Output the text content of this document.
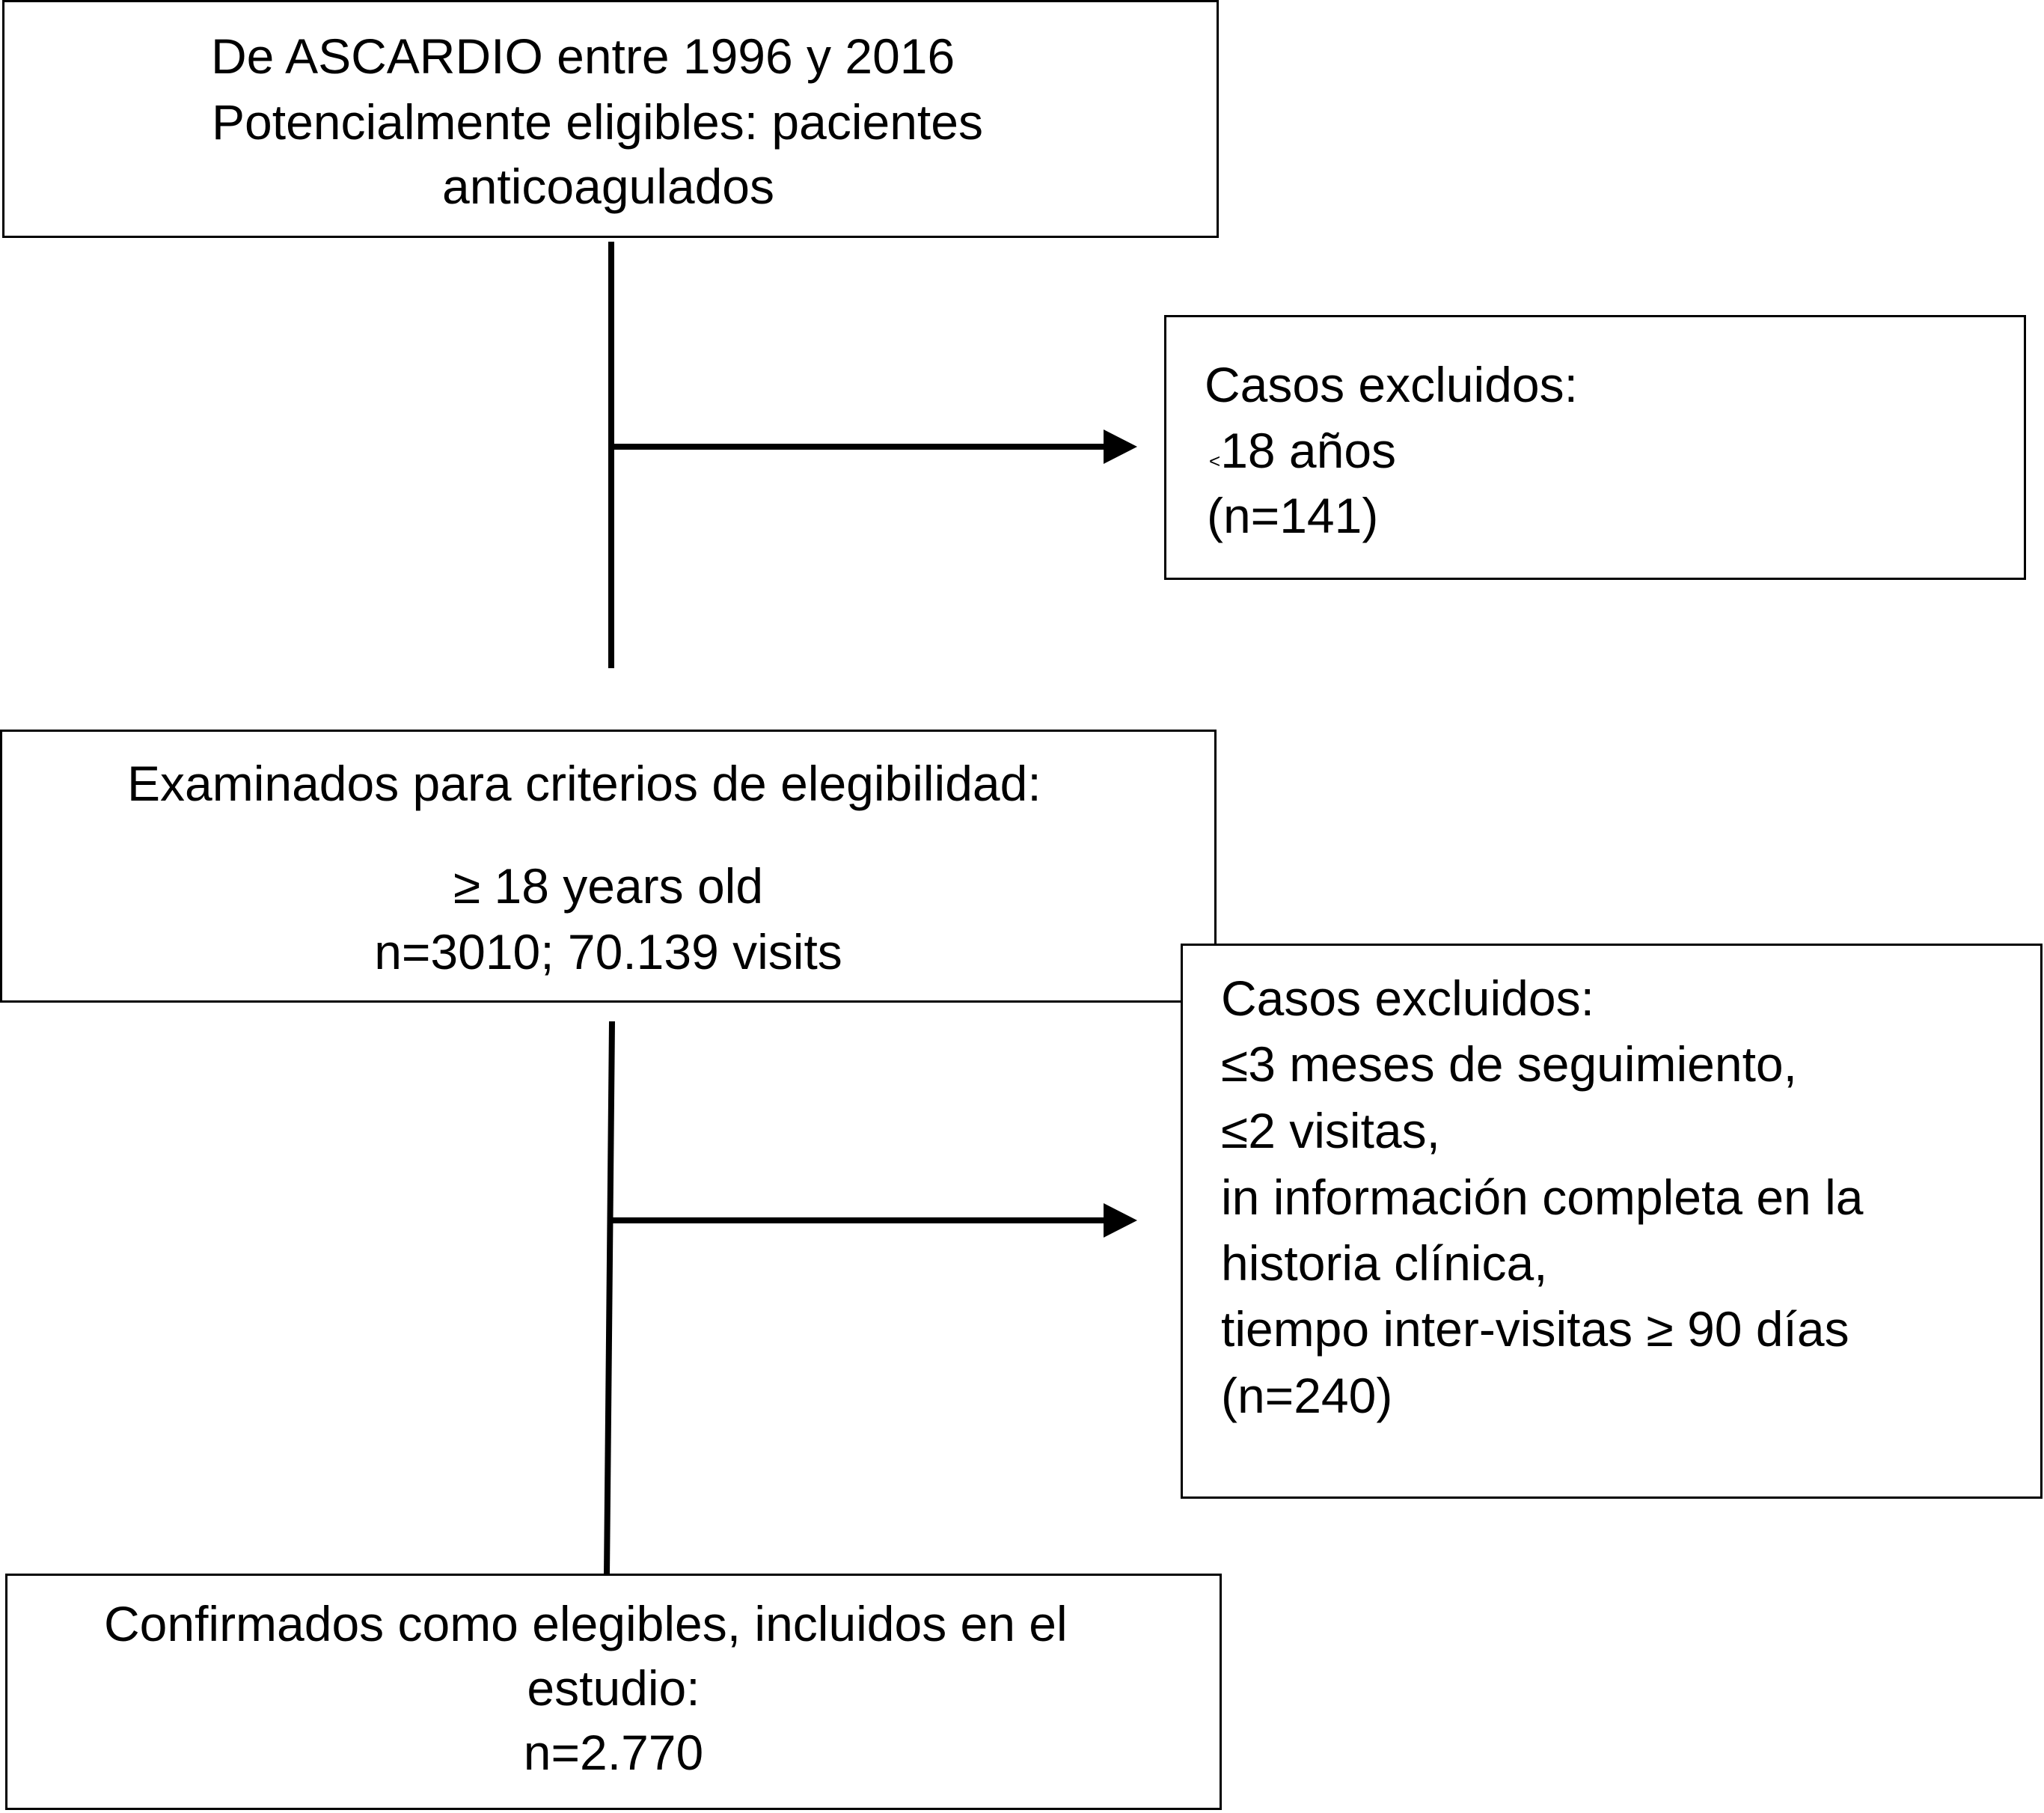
De ASCARDIO entre 1996 y 2016
Potencialmente eligibles: pacientes
anticoagulados
Casos excluidos:
<18 años
(n=141)
Examinados para criterios de elegibilidad:
≥ 18 years old
n=3010; 70.139 visits
Casos excluidos:
≤3 meses de seguimiento,
≤2 visitas,
in información completa en la
historia clínica,
tiempo inter-visitas ≥ 90 días
(n=240)
Confirmados como elegibles, incluidos en el
estudio:
n=2.770
